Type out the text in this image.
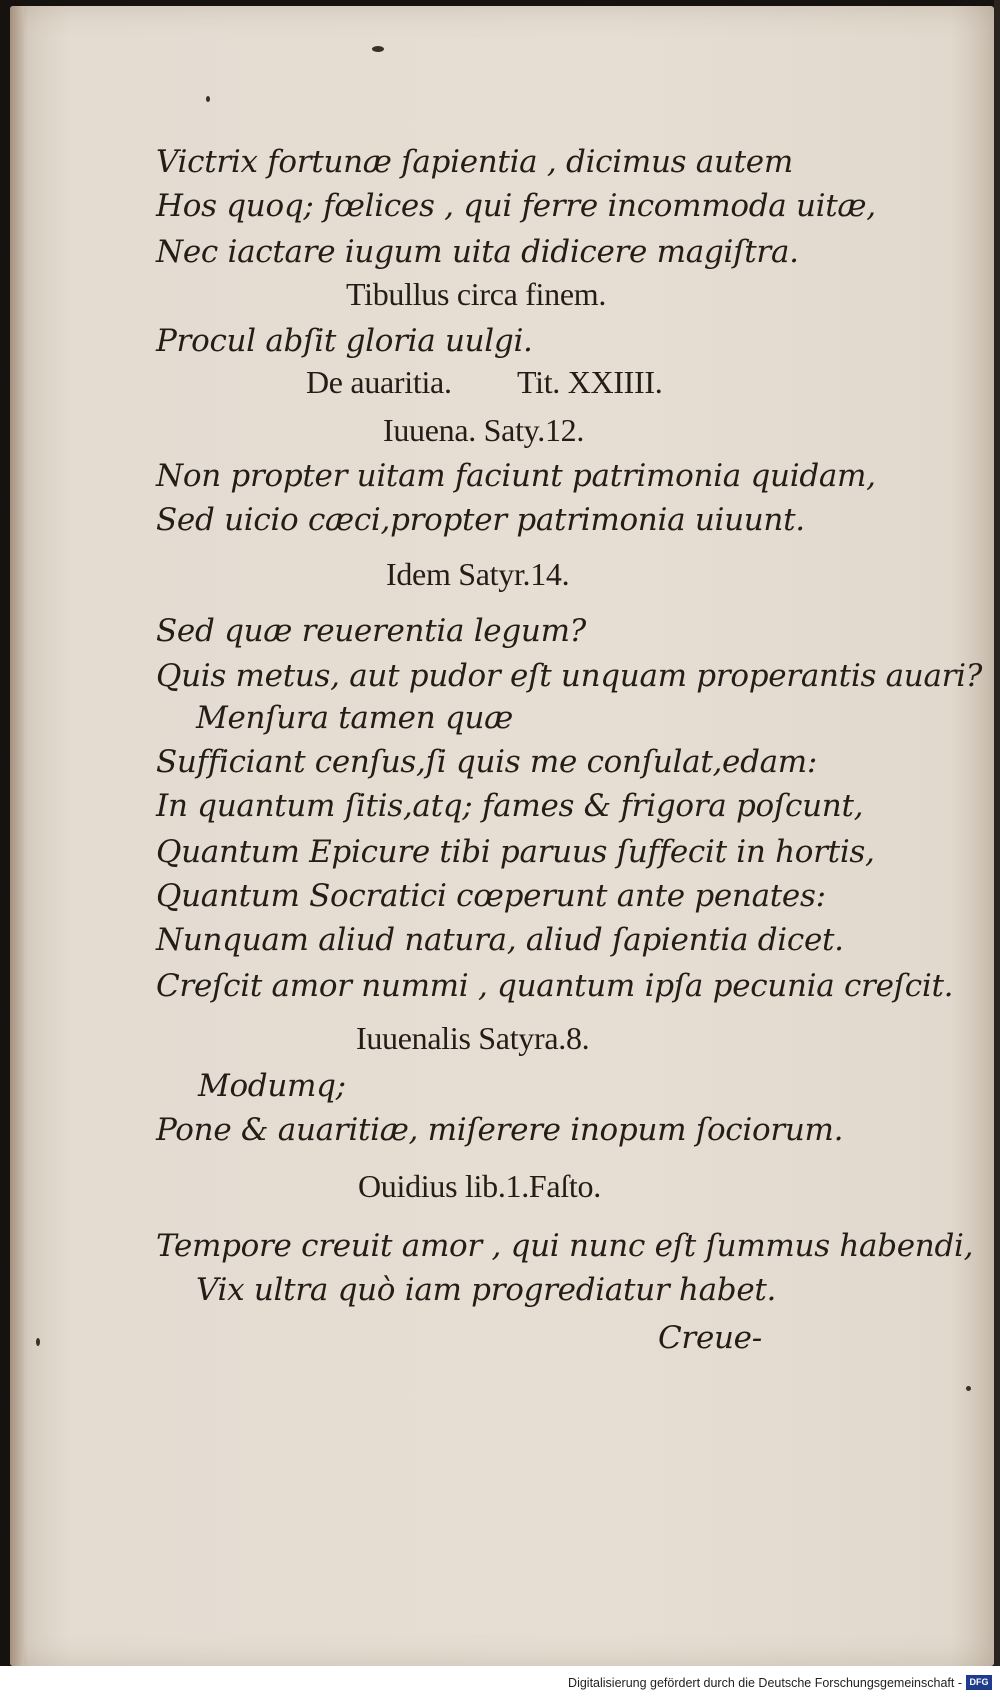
Victrix fortunæ ſapientia , dicimus autem
Hos quoq; fœlices , qui ferre incommoda uitæ,
Nec iactare iugum uita didicere magiſtra.
Tibullus circa finem.
Procul abſit gloria uulgi.
De auaritia. Tit. XXIIII.
Iuuena. Saty.12.
Non propter uitam faciunt patrimonia quidam,
Sed uicio cæci,propter patrimonia uiuunt.
Idem Satyr.14.
Sed quæ reuerentia legum?
Quis metus, aut pudor eſt unquam properantis auari?
Menſura tamen quæ
Sufficiant cenſus,ſi quis me conſulat,edam:
In quantum ſitis,atq; fames & frigora poſcunt,
Quantum Epicure tibi paruus ſuffecit in hortis,
Quantum Socratici cœperunt ante penates:
Nunquam aliud natura, aliud ſapientia dicet.
Creſcit amor nummi , quantum ipſa pecunia creſcit.
Iuuenalis Satyra.8.
Modumq;
Pone & auaritiæ, miſerere inopum ſociorum.
Ouidius lib.1.Faſto.
Tempore creuit amor , qui nunc eſt ſummus habendi,
Vix ultra quò iam progrediatur habet.
Creue-
Digitalisierung gefördert durch die Deutsche Forschungsgemeinschaft - DFG
